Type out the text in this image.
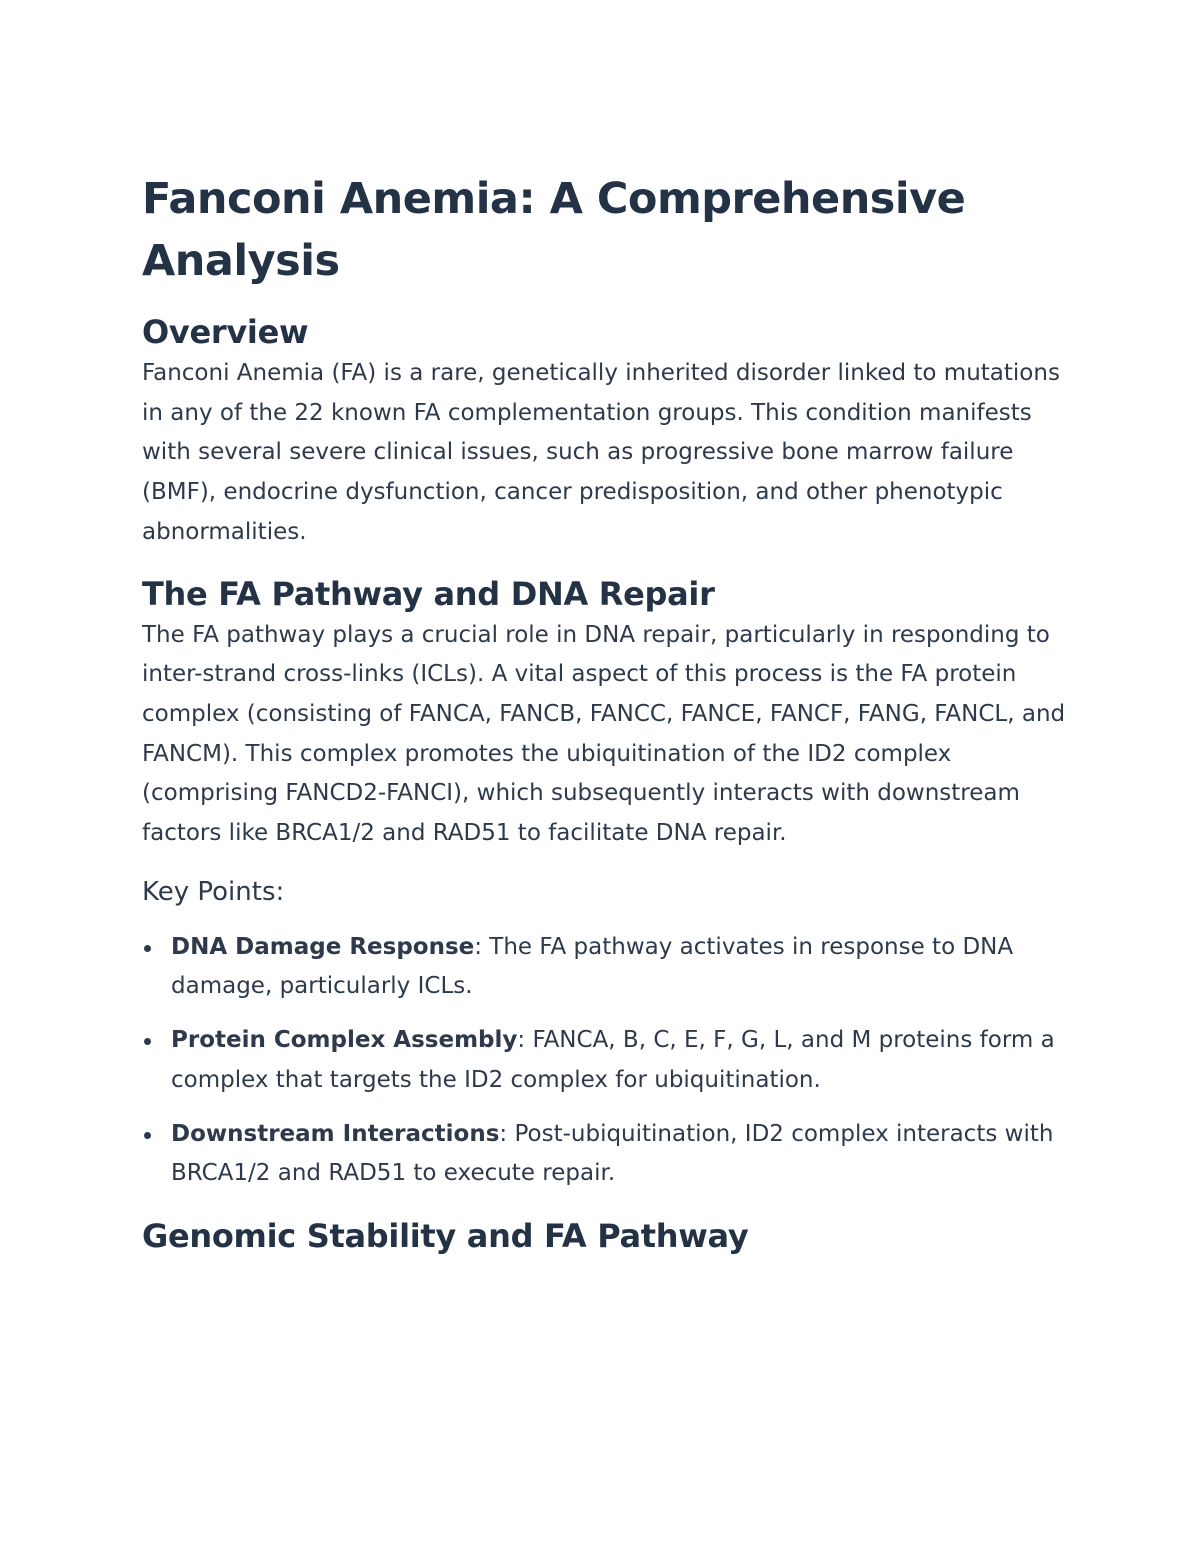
Fanconi Anemia: A Comprehensive Analysis
Overview

Fanconi Anemia (FA) is a rare, genetically inherited disorder linked to mutations in any of the 22 known FA complementation groups. This condition manifests with several severe clinical issues, such as progressive bone marrow failure (BMF), endocrine dysfunction, cancer predisposition, and other phenotypic abnormalities.

The FA Pathway and DNA Repair

The FA pathway plays a crucial role in DNA repair, particularly in responding to inter-strand cross-links (ICLs). A vital aspect of this process is the FA protein complex (consisting of FANCA, FANCB, FANCC, FANCE, FANCF, FANG, FANCL, and FANCM). This complex promotes the ubiquitination of the ID2 complex (comprising FANCD2-FANCI), which subsequently interacts with downstream factors like BRCA1/2 and RAD51 to facilitate DNA repair.

Key Points:
DNA Damage Response: The FA pathway activates in response to DNA damage, particularly ICLs.
Protein Complex Assembly: FANCA, B, C, E, F, G, L, and M proteins form a complex that targets the ID2 complex for ubiquitination.
Downstream Interactions: Post-ubiquitination, ID2 complex interacts with BRCA1/2 and RAD51 to execute repair.
Genomic Stability and FA Pathway
